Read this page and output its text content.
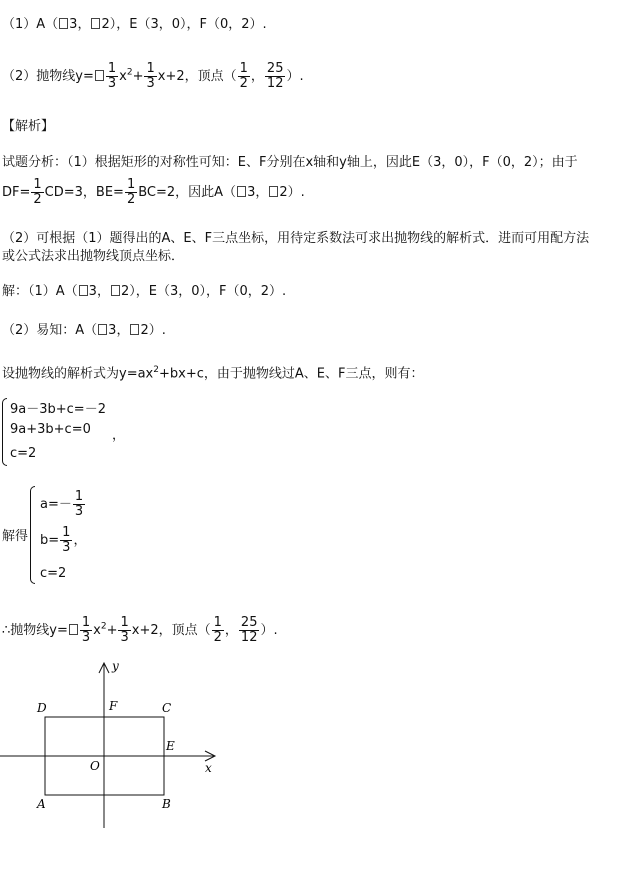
（1）A（ 3， 2），E（3，0），F（0，2）.
（2）抛物线$y= \frac{1}{3} x^2+ \frac{1}{3} x+2$，顶点（ $\frac{1}{2}$ ， $\frac{25}{12}$ ）.
【解析】
试题分析：（1）根据矩形的对称性可知：E、F分别在x轴和y轴上，因此E（3，0），F（0，2）；由于
$DF= \frac{1}{2} CD=3$，$BE= \frac{1}{2} BC=2$，因此A（ 3， 2）.
（2）可根据（1）题得出的A、E、F三点坐标，用待定系数法可求出抛物线的解析式．进而可用配方法
或公式法求出抛物线顶点坐标．
解：（1）A（ 3， 2），E（3，0），F（0，2）.
（2）易知：A（ 3， 2）.
设抛物线的解析式为$y=ax^2+bx+c$，由于抛物线过A、E、F三点，则有：
9a－3b+c=－2
9a+3b+c=0
c=2
，
解得
$a=- \frac{1}{3}$
$b= \frac{1}{3}$ ，
c=2
∴抛物线$y= \frac{1}{3} x^2+ \frac{1}{3} x+2$，顶点（ $\frac{1}{2}$ ， $\frac{25}{12}$ ）.
y
x
D	F	C
E
O
A	B
